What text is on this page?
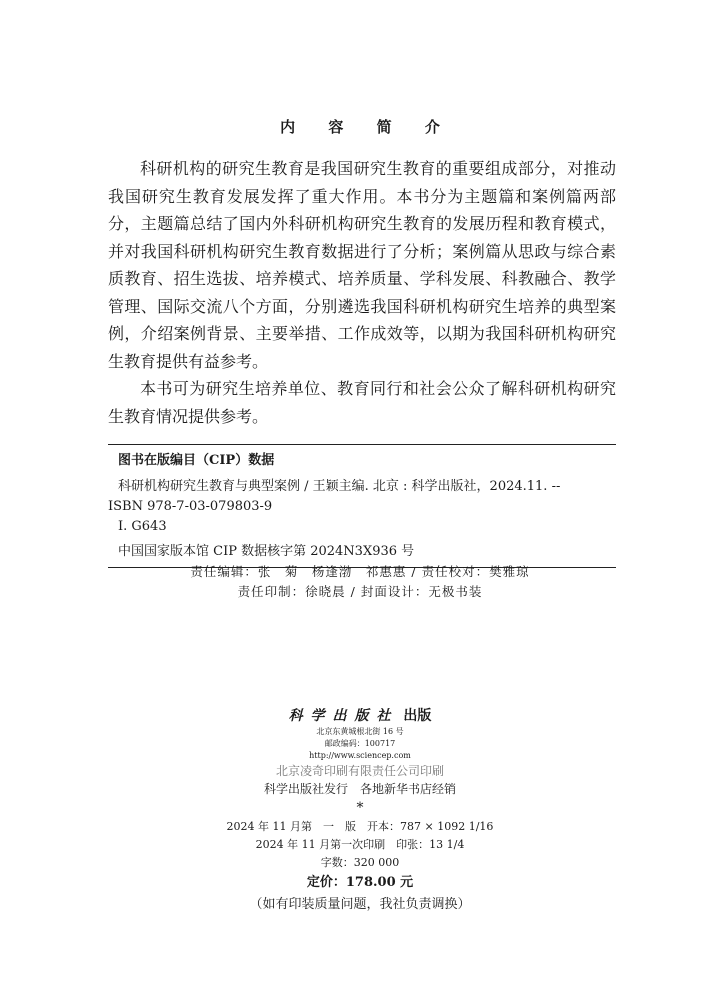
内 容 简 介

科研机构的研究生教育是我国研究生教育的重要组成部分，对推动我国研究生教育发展发挥了重大作用。本书分为主题篇和案例篇两部分，主题篇总结了国内外科研机构研究生教育的发展历程和教育模式，并对我国科研机构研究生教育数据进行了分析；案例篇从思政与综合素质教育、招生选拔、培养模式、培养质量、学科发展、科教融合、教学管理、国际交流八个方面，分别遴选我国科研机构研究生培养的典型案例，介绍案例背景、主要举措、工作成效等，以期为我国科研机构研究生教育提供有益参考。

本书可为研究生培养单位、教育同行和社会公众了解科研机构研究生教育情况提供参考。

图书在版编目（CIP）数据
科研机构研究生教育与典型案例 / 王颖主编. 北京 : 科学出版社，2024.11. --
ISBN 978-7-03-079803-9
Ⅰ. G643
中国国家版本馆 CIP 数据核字第 2024N3X936 号
责任编辑：张　菊　杨逢渤　祁惠惠 / 责任校对：樊雅琼
责任印制：徐晓晨 / 封面设计：无极书装
科学出版社 出版
北京东黄城根北街 16 号
邮政编码：100717
http://www.sciencep.com
北京凌奇印刷有限责任公司印刷
科学出版社发行　各地新华书店经销
*
2024 年 11 月第　一　版　开本：787 × 1092 1/16
2024 年 11 月第一次印刷　印张：13 1/4
字数：320 000
定价：178.00 元
（如有印装质量问题，我社负责调换）
